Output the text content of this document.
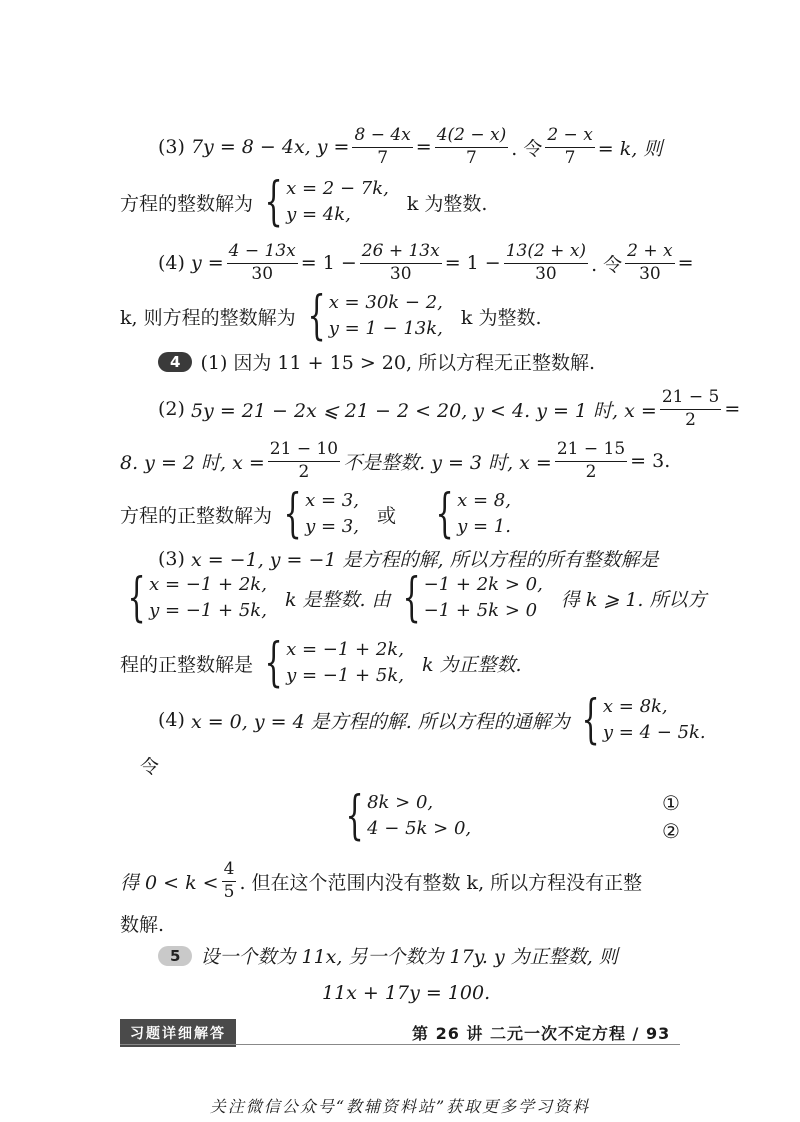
(3)
7y = 8 − 4x,
$y = \frac{8 - 4x}{7} = \frac{4(2 - x)}{7}$ . 令 $\frac{2 - x}{7} = k$, 则
方程的整数解为 { x = 2 − 7k,
y = 4k,	k 为整数.
(4)
$y = \frac{4 - 13x}{30} = 1 - \frac{26 + 13x}{30} = 1 - \frac{13(2 + x)}{30}$ . 令 $\frac{2 + x}{30}$ =
k, 则方程的整数解为 { x = 30k − 2,
y = 1 − 13k, k 为整数.
4	(1) 因为 11 + 15 > 20, 所以方程无正整数解.
(2)
5y = 21 − 2x ⩽ 21 − 2 < 20, y < 4. y = 1 时, $x = \frac{21 - 5}{2}$ =
8. y = 2 时, $x = \frac{21 - 10}{2}$ 不是整数. y = 3 时, $x = \frac{21 - 15}{2} = 3$.
方程的正整数解为 { x = 3,
y = 3, 或 { x = 8,
y = 1.
(3)
x = −1, y = −1 是方程的解, 所以方程的所有整数解是
{ x = −1 + 2k,
y = −1 + 5k, k 是整数. 由 { −1 + 2k > 0,
−1 + 5k > 0	得 k ⩾ 1. 所以方
程的正整数解是 { x = −1 + 2k,
y = −1 + 5k, k 为正整数.
(4)
x = 0, y = 4 是方程的解. 所以方程的通解为 { x = 8k,
y = 4 − 5k.
令
{ 8k > 0,
4 − 5k > 0,
①
②
得 $0 < k < \frac{4}{5}$ . 但在这个范围内没有整数 k, 所以方程没有正整
数解.
5	设一个数为 11x, 另一个数为 17y. y 为正整数, 则
11x + 17y = 100.
习题详细解答	第 26 讲 二元一次不定方程 / 93
关注微信公众号“教辅资料站”获取更多学习资料
